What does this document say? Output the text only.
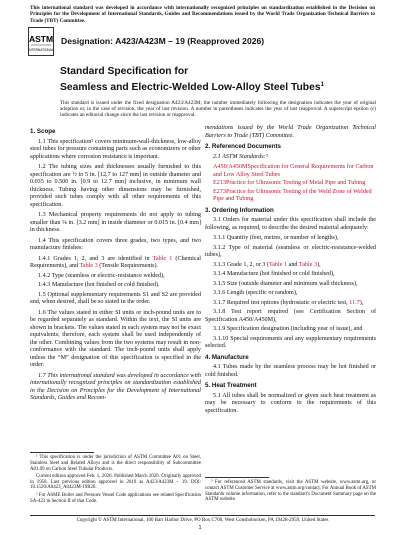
This international standard was developed in accordance with internationally recognized principles on standardization established in the Decision on Principles for the Development of International Standards, Guides and Recommendations issued by the World Trade Organization Technical Barriers to Trade (TBT) Committee.
ASTM
INTERNATIONAL
Designation: A423/A423M – 19 (Reapproved 2026)
Standard Specification for
Seamless and Electric-Welded Low-Alloy Steel Tubes$^1$
This standard is issued under the fixed designation A423/A423M; the number immediately following the designation indicates the year of original adoption or, in the case of revision, the year of last revision. A number in parentheses indicates the year of last reapproval. A superscript epsilon (ε) indicates an editorial change since the last revision or reapproval.
1. Scope
1.1 This specification² covers minimum-wall-thickness, low-alloy steel tubes for pressure containing parts such as economizers or other applications where corrosion resistance is important.
1.2 The tubing sizes and thicknesses usually furnished to this specification are ½ to 5 in. [12.7 to 127 mm] in outside diameter and 0.035 to 0.500 in. [0.9 to 12.7 mm] inclusive, in minimum wall thickness. Tubing having other dimensions may be furnished, provided such tubes comply with all other requirements of this specification.
1.3 Mechanical property requirements do not apply to tubing smaller than ⅛ in. [3.2 mm] in inside diameter or 0.015 in. [0.4 mm] in thickness.
1.4 This specification covers three grades, two types, and two manufacture finishes:
1.4.1 Grades 1, 2, and 3 are identified in Table 1 (Chemical Requirements), and Table 3 (Tensile Requirements).
1.4.2 Type (seamless or electric-resistance welded),
1.4.3 Manufacture (hot finished or cold finished).
1.5 Optional supplementary requirements S1 and S2 are provided and, when desired, shall be so stated in the order.
1.6 The values stated in either SI units or inch-pound units are to be regarded separately as standard. Within the text, the SI units are shown in brackets. The values stated in each system may not be exact equivalents; therefore, each system shall be used independently of the other. Combining values from the two systems may result in non-conformance with the standard. The inch-pound units shall apply unless the “M” designation of this specification is specified in the order.
1.7 This international standard was developed in accordance with internationally recognized principles on standardization established in the Decision on Principles for the Development of International Standards, Guides and Recom-
¹ This specification is under the jurisdiction of ASTM Committee A01 on Steel, Stainless Steel and Related Alloys and is the direct responsibility of Subcommittee A01.09 on Carbon Steel Tubular Products.
Current edition approved Feb. 1, 2026. Published March 2026. Originally approved in 1958. Last previous edition approved in 2019 as A423/A423M – 19. DOI: 10.1520/A0423_A0423M-19R26.
² For ASME Boiler and Pressure Vessel Code applications see related Specification SA-423 in Section II of that Code.
mendations issued by the World Trade Organization Technical Barriers to Trade (TBT) Committee.
2. Referenced Documents
2.1 ASTM Standards:³
A450/A450MSpecification for General Requirements for Carbon and Low Alloy Steel Tubes
E213Practice for Ultrasonic Testing of Metal Pipe and Tubing
E273Practice for Ultrasonic Testing of the Weld Zone of Welded Pipe and Tubing
3. Ordering Information
3.1 Orders for material under this specification shall include the following, as required, to describe the desired material adequately:
3.1.1 Quantity (feet, metres, or number of lengths),
3.1.2 Type of material (seamless or electric-resistance-welded tubes),
3.1.3 Grade 1, 2, or 3 (Table 1 and Table 3),
3.1.4 Manufacture (hot finished or cold finished),
3.1.5 Size (outside diameter and minimum wall thickness),
3.1.6 Length (specific or random),
3.1.7 Required test options (hydrostatic or electric test, 11.7),
3.1.8 Test report required (see Certification Section of Specification A450/A450M),
3.1.9 Specification designation (including year of issue), and
3.1.10 Special requirements and any supplementary requirements selected.
4. Manufacture
4.1 Tubes made by the seamless process may be hot finished or cold finished.
5. Heat Treatment
5.1 All tubes shall be normalized or given such heat treatment as may be necessary to conform to the requirements of this specification.
³ For referenced ASTM standards, visit the ASTM website, www.astm.org, or contact ASTM Customer Service at www.astm.org/contact. For Annual Book of ASTM Standards volume information, refer to the standard’s Document Summary page on the ASTM website.
Copyright © ASTM International, 100 Barr Harbor Drive, PO Box C700, West Conshohocken, PA 19428-2959. United States
1
